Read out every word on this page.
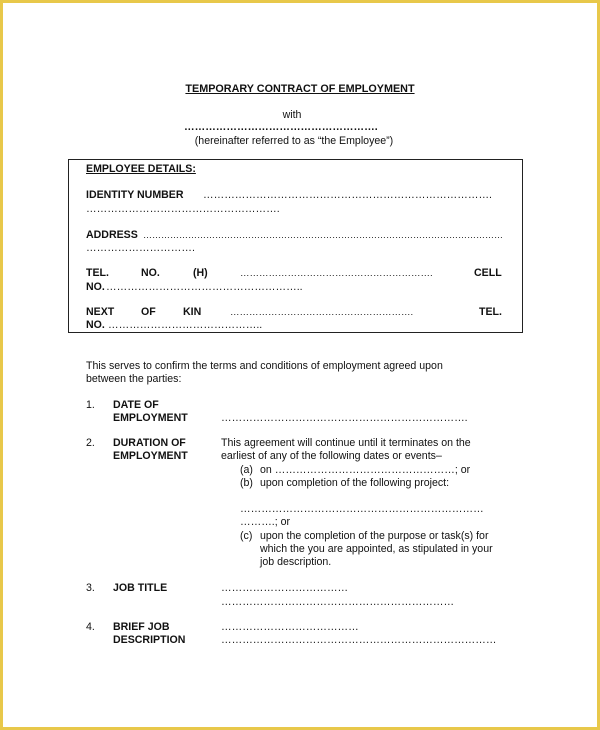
TEMPORARY CONTRACT OF EMPLOYMENT
with
……………………………………………….
(hereinafter referred to as “the Employee”)
EMPLOYEE DETAILS:
IDENTITY NUMBER ……………………………………………………………………….
……………………………………………….
ADDRESS …………………………………………………………………………………………………………
………………………….
TEL.	NO.	(H)	…………………………………………………….	CELL
NO. ………………………………………………..
NEXT	OF	KIN	………………………………………………….	TEL.
NO. ……………………………………..
This serves to confirm the terms and conditions of employment agreed upon
between the parties:
1. DATE OF
EMPLOYMENT	…………………………………………………………….
2. DURATION OF
EMPLOYMENT
This agreement will continue until it terminates on the
earliest of any of the following dates or events–
(a) on ……………………………………………; or
(b) upon completion of the following project:
……………………………………………………………
……….; or
(c) upon the completion of the purpose or task(s) for
which the you are appointed, as stipulated in your
job description.
3. JOB TITLE	………………………………
…………………………………………………………
4. BRIEF JOB
DESCRIPTION
…………………………………
……………………………………………………………………
